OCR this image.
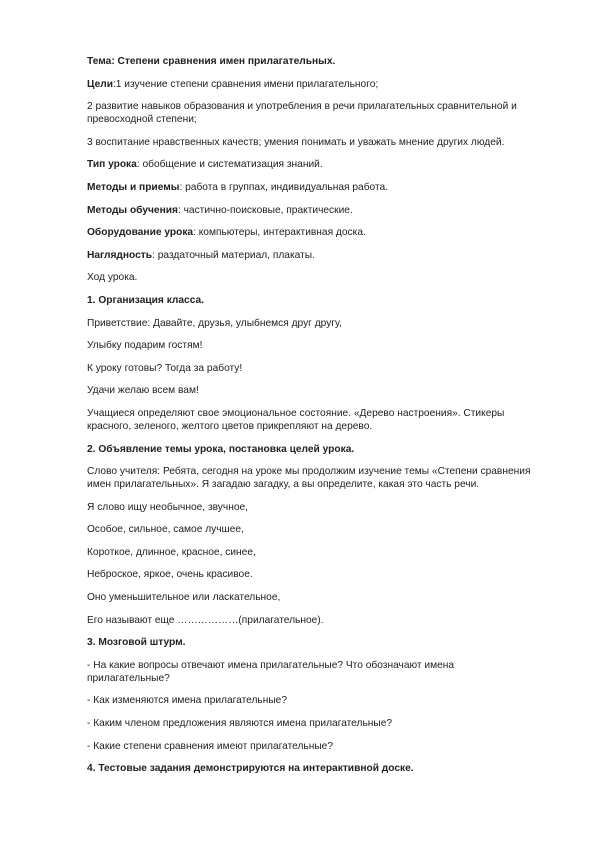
Тема: Степени сравнения имен прилагательных.

Цели:1 изучение степени сравнения имени прилагательного;

2 развитие навыков образования и употребления в речи прилагательных сравнительной и превосходной степени;

3 воспитание нравственных качеств; умения понимать и уважать мнение других людей.

Тип урока: обобщение и систематизация знаний.

Методы и приемы: работа в группах, индивидуальная работа.

Методы обучения: частично-поисковые, практические.

Оборудование урока: компьютеры, интерактивная доска.

Наглядность: раздаточный материал, плакаты.

Ход урока.

1. Организация класса.

Приветствие: Давайте, друзья, улыбнемся друг другу,

Улыбку подарим гостям!

К уроку готовы? Тогда за работу!

Удачи желаю всем вам!

Учащиеся определяют свое эмоциональное состояние. «Дерево настроения». Стикеры красного, зеленого, желтого цветов прикрепляют на дерево.

2. Объявление темы урока, постановка целей урока.

Слово учителя: Ребята, сегодня на уроке мы продолжим изучение темы «Степени сравнения имен прилагательных». Я загадаю загадку, а вы определите, какая это часть речи.

Я слово ищу необычное, звучное,

Особое, сильное, самое лучшее,

Короткое, длинное, красное, синее,

Неброское, яркое, очень красивое.

Оно уменьшительное или ласкательное,

Его называют еще ………………(прилагательное).

3. Мозговой штурм.

- На какие вопросы отвечают имена прилагательные? Что обозначают имена прилагательные?

- Как изменяются имена прилагательные?

- Каким членом предложения являются имена прилагательные?

- Какие степени сравнения имеют прилагательные?

4. Тестовые задания демонстрируются на интерактивной доске.
